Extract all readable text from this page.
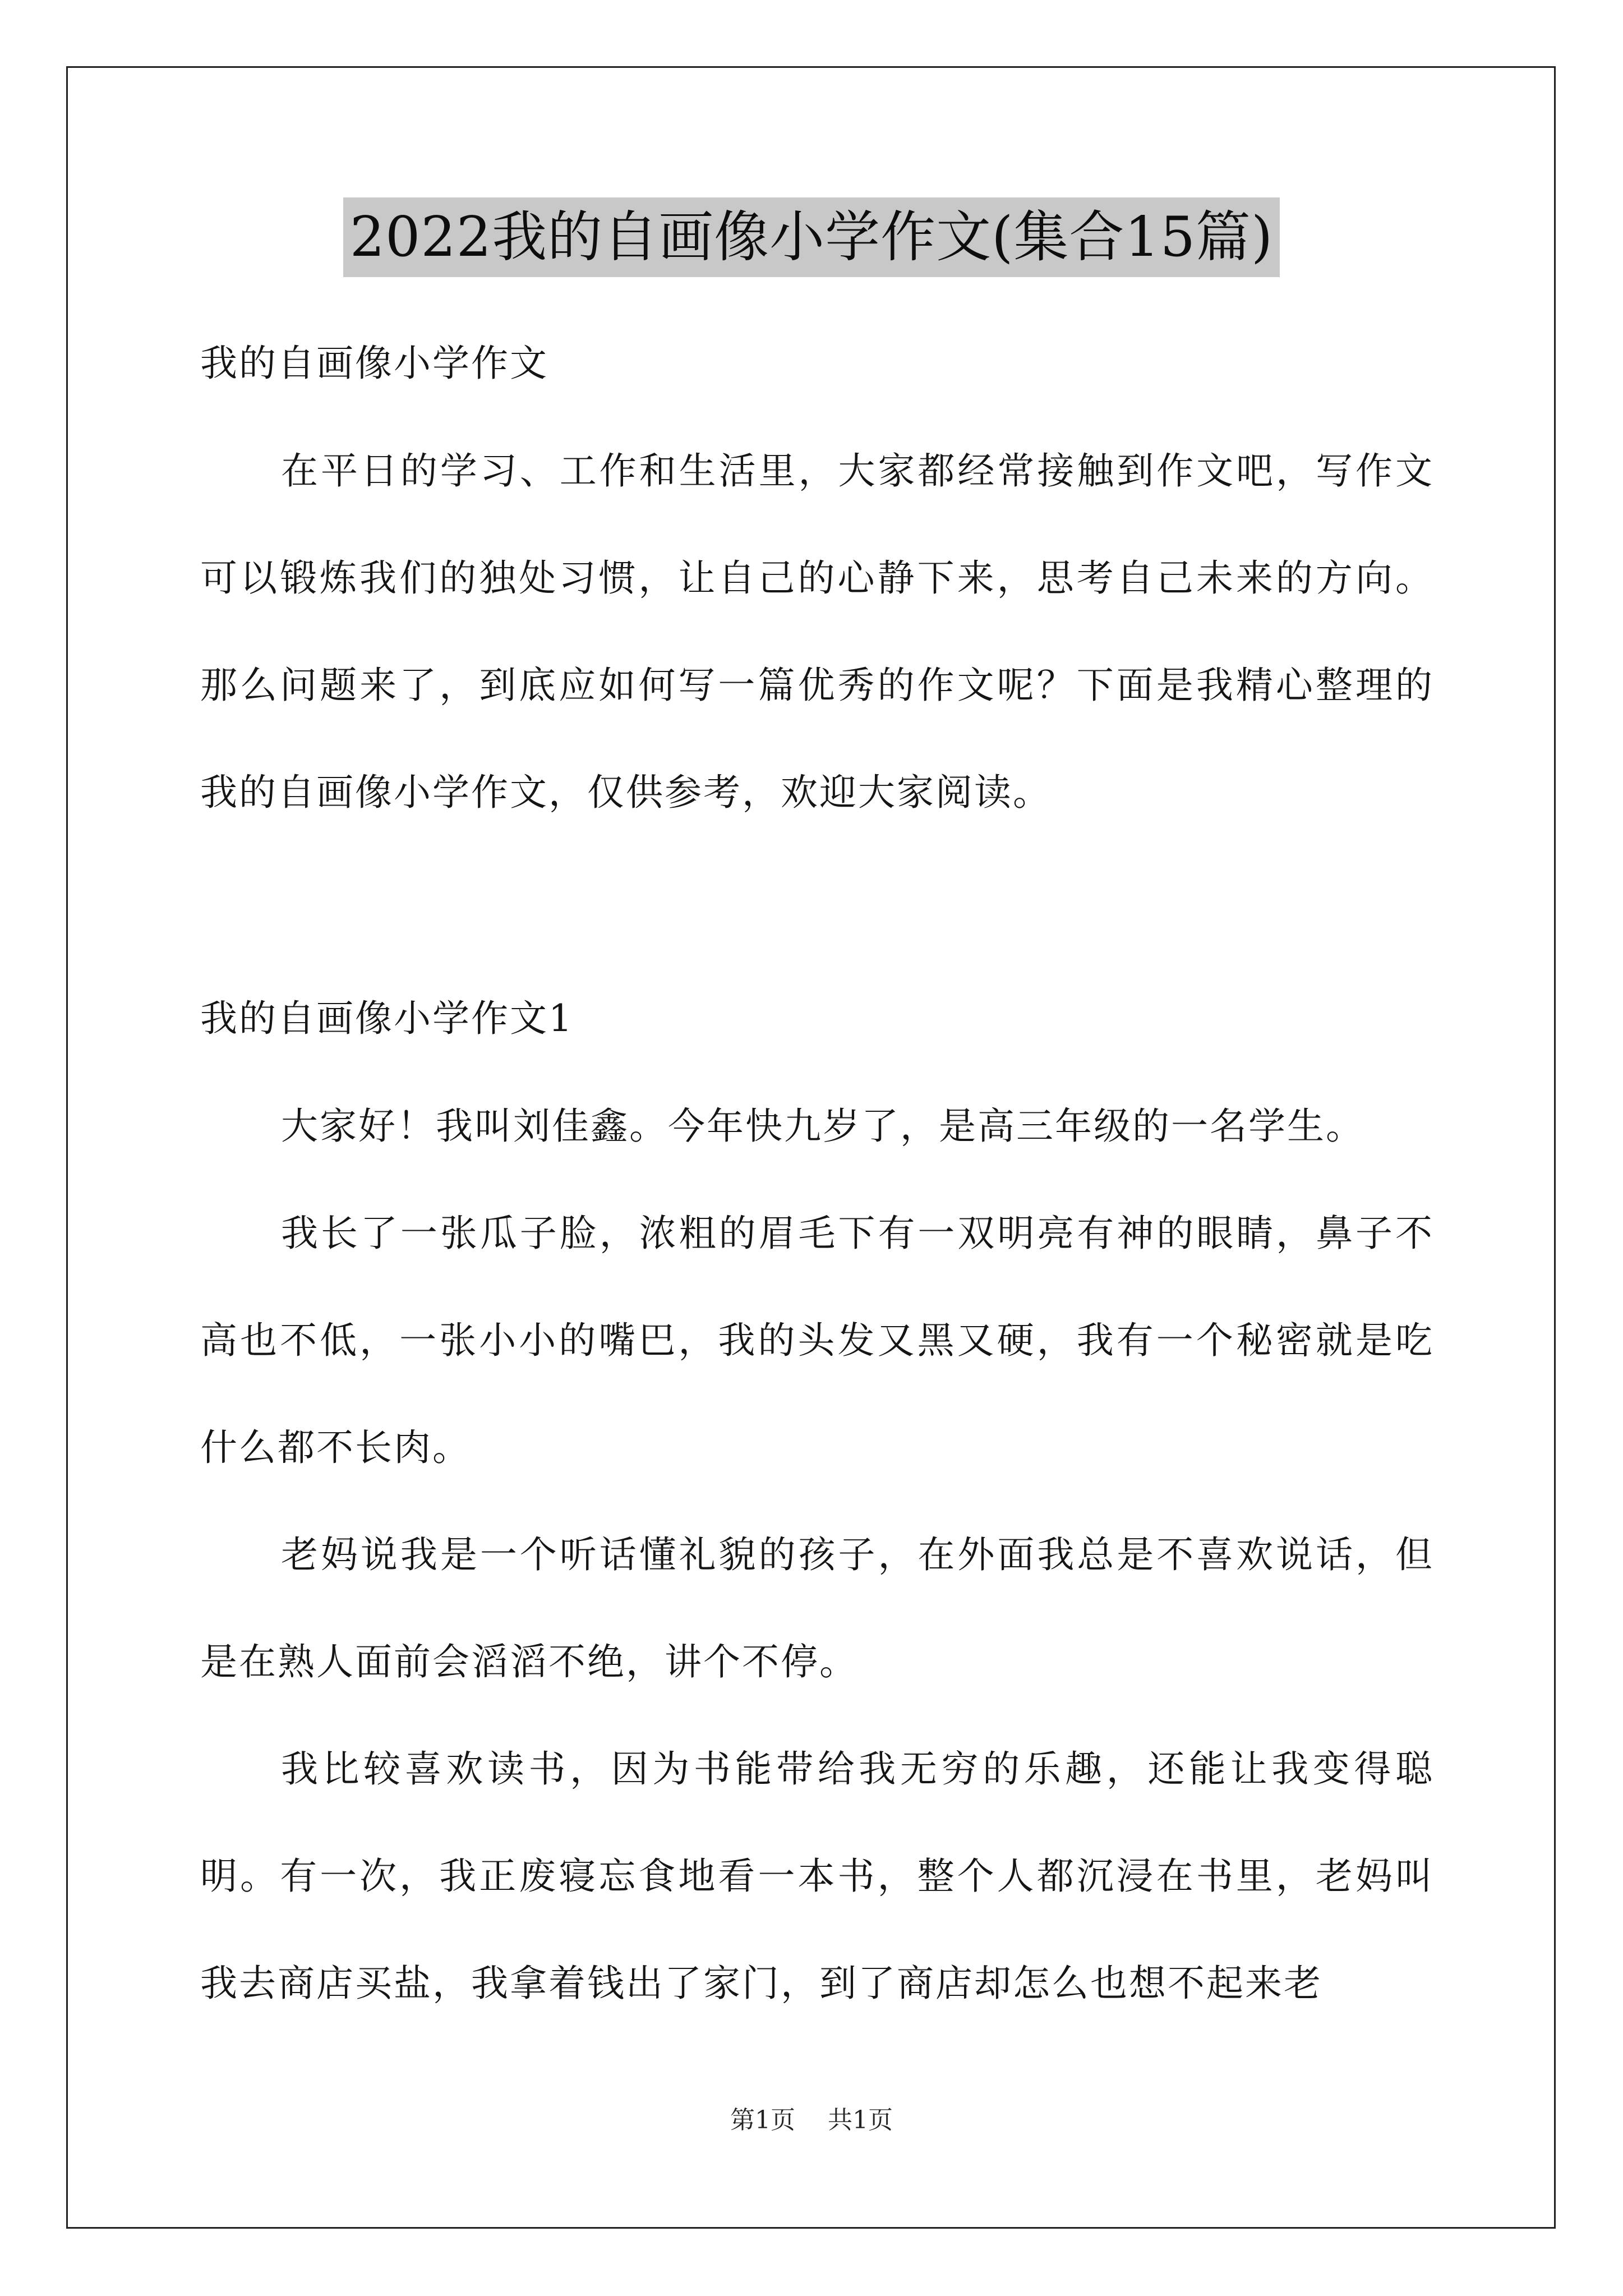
2022我的自画像小学作文(集合15篇)

我的自画像小学作文

在平日的学习、工作和生活里，大家都经常接触到作文吧，写作文可以锻炼我们的独处习惯，让自己的心静下来，思考自己未来的方向。那么问题来了，到底应如何写一篇优秀的作文呢？下面是我精心整理的我的自画像小学作文，仅供参考，欢迎大家阅读。

我的自画像小学作文1

大家好！我叫刘佳鑫。今年快九岁了，是高三年级的一名学生。

我长了一张瓜子脸，浓粗的眉毛下有一双明亮有神的眼睛，鼻子不高也不低，一张小小的嘴巴，我的头发又黑又硬，我有一个秘密就是吃什么都不长肉。

老妈说我是一个听话懂礼貌的孩子，在外面我总是不喜欢说话，但是在熟人面前会滔滔不绝，讲个不停。

我比较喜欢读书，因为书能带给我无穷的乐趣，还能让我变得聪明。有一次，我正废寝忘食地看一本书，整个人都沉浸在书里，老妈叫我去商店买盐，我拿着钱出了家门，到了商店却怎么也想不起来老

第1页 共1页
